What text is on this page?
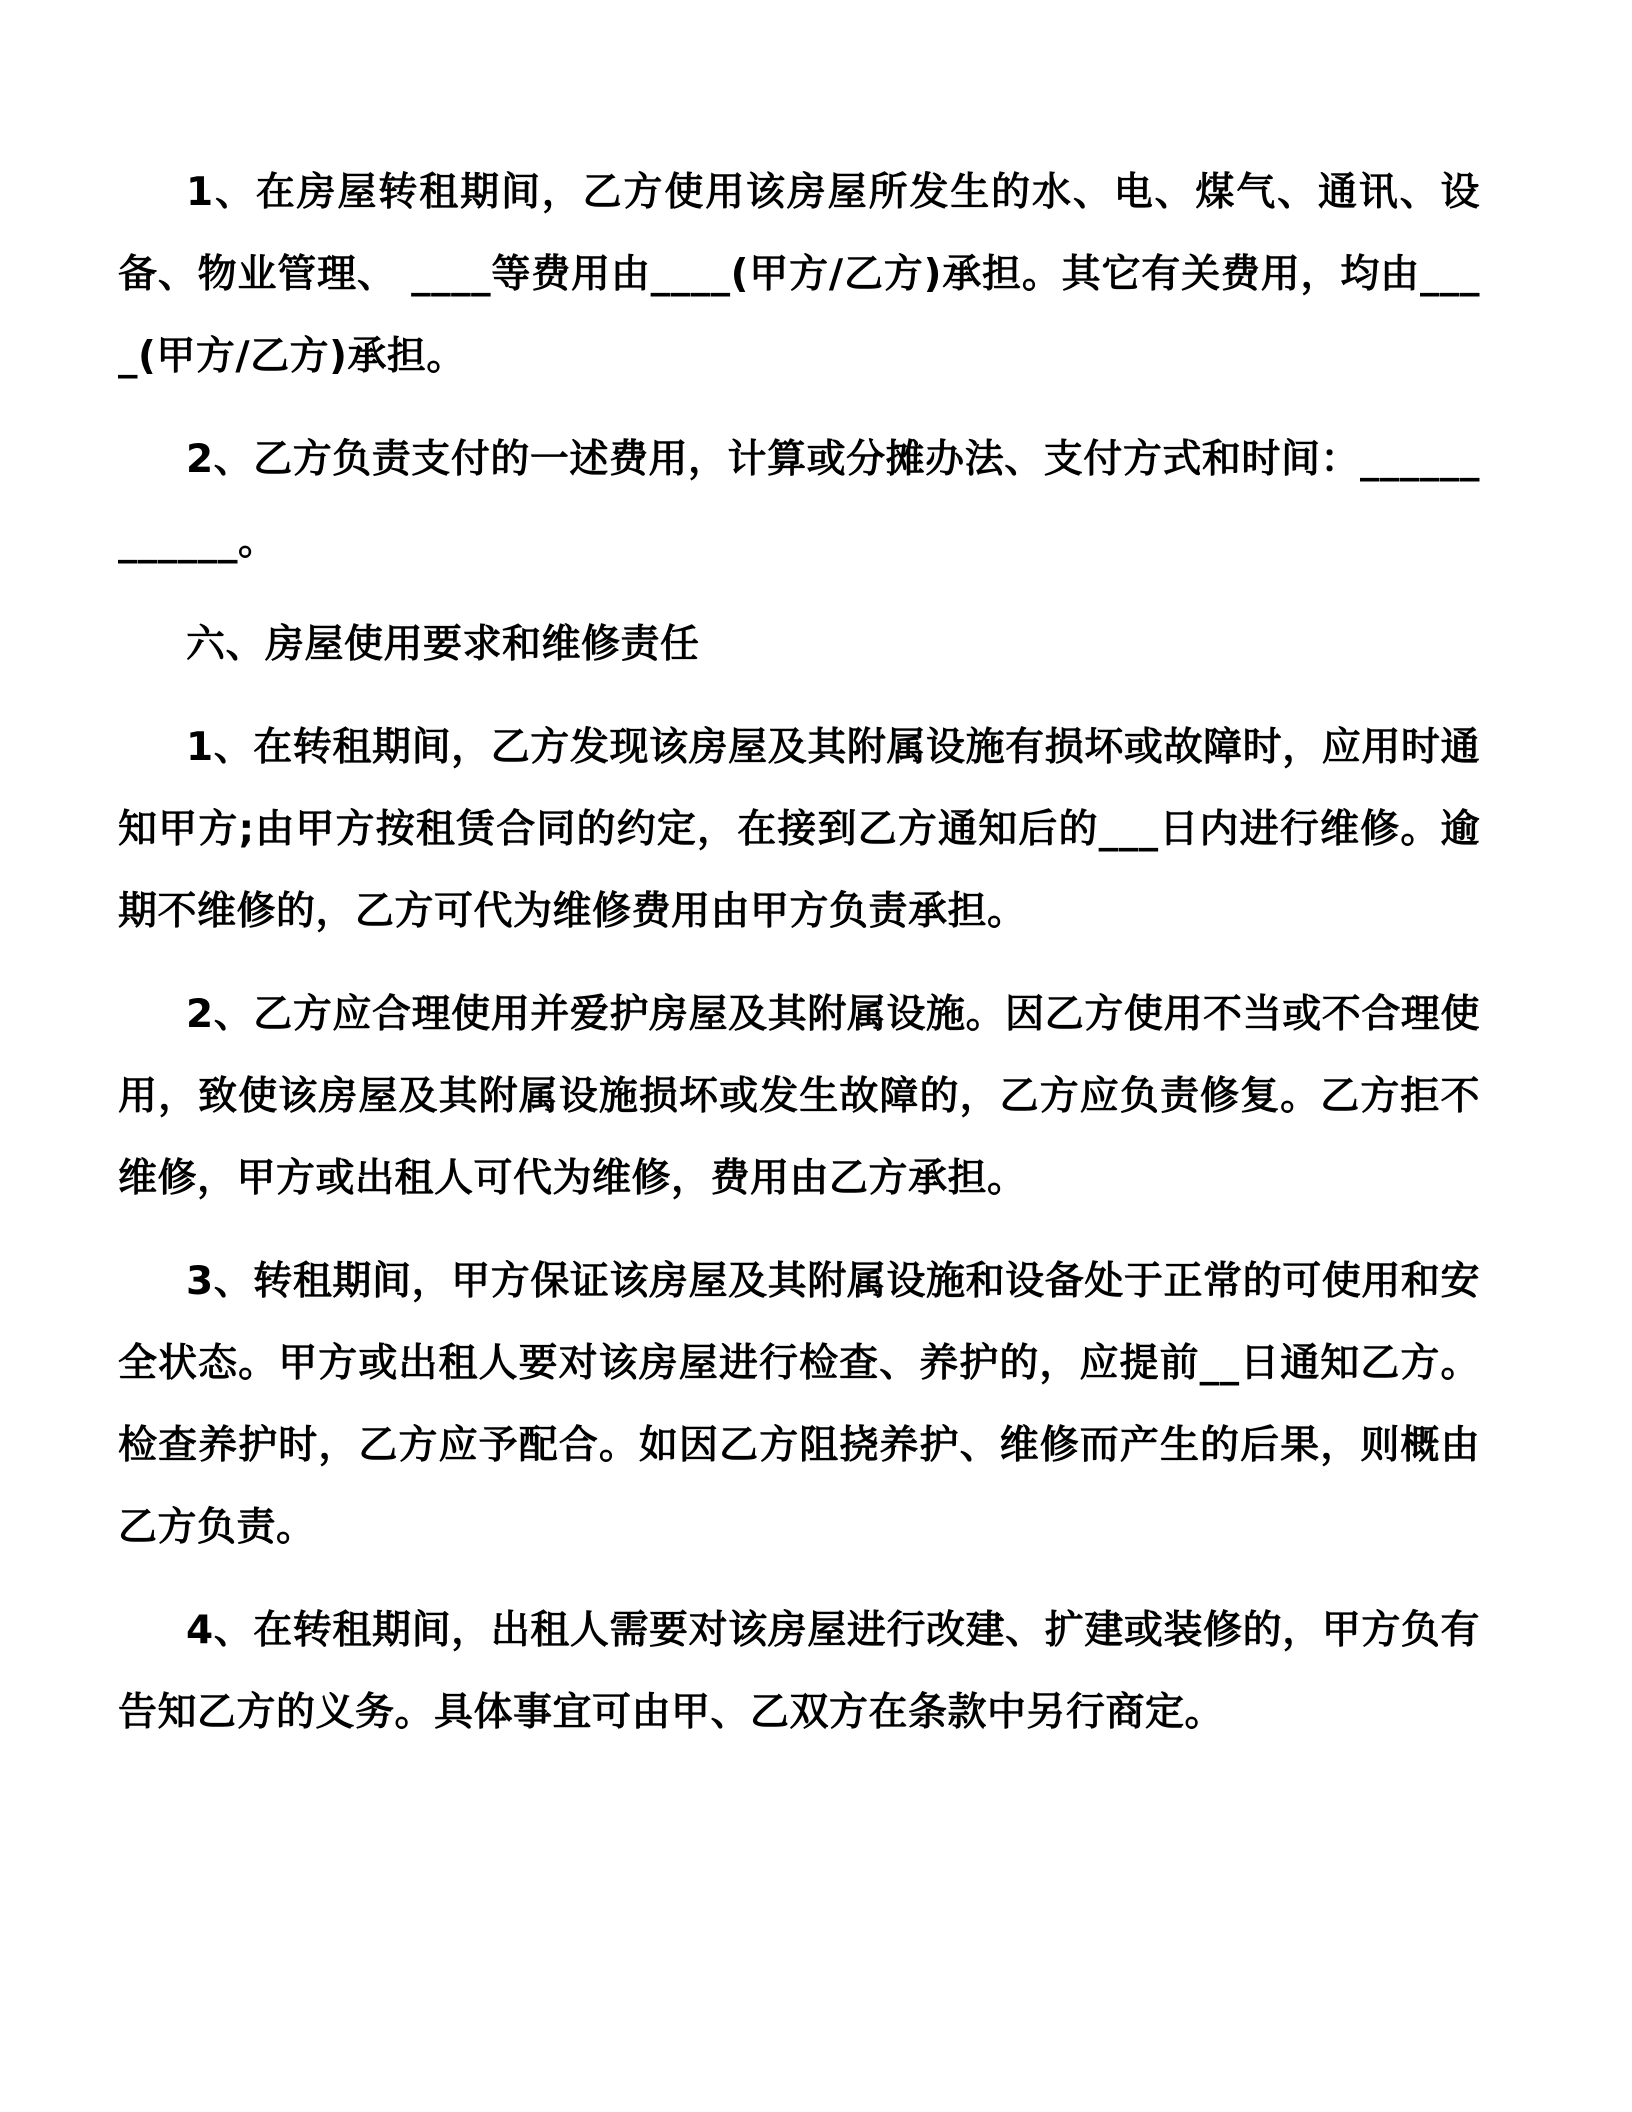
1、在房屋转租期间，乙方使用该房屋所发生的水、电、煤气、通讯、设备、物业管理、 ____等费用由____(甲方/乙方)承担。其它有关费用，均由____(甲方/乙方)承担。

2、乙方负责支付的一述费用，计算或分摊办法、支付方式和时间：____________。

六、房屋使用要求和维修责任

1、在转租期间，乙方发现该房屋及其附属设施有损坏或故障时，应用时通知甲方;由甲方按租赁合同的约定，在接到乙方通知后的___日内进行维修。逾期不维修的，乙方可代为维修费用由甲方负责承担。

2、乙方应合理使用并爱护房屋及其附属设施。因乙方使用不当或不合理使用，致使该房屋及其附属设施损坏或发生故障的，乙方应负责修复。乙方拒不维修，甲方或出租人可代为维修，费用由乙方承担。

3、转租期间，甲方保证该房屋及其附属设施和设备处于正常的可使用和安全状态。甲方或出租人要对该房屋进行检查、养护的，应提前__日通知乙方。检查养护时，乙方应予配合。如因乙方阻挠养护、维修而产生的后果，则概由乙方负责。

4、在转租期间，出租人需要对该房屋进行改建、扩建或装修的，甲方负有告知乙方的义务。具体事宜可由甲、乙双方在条款中另行商定。
